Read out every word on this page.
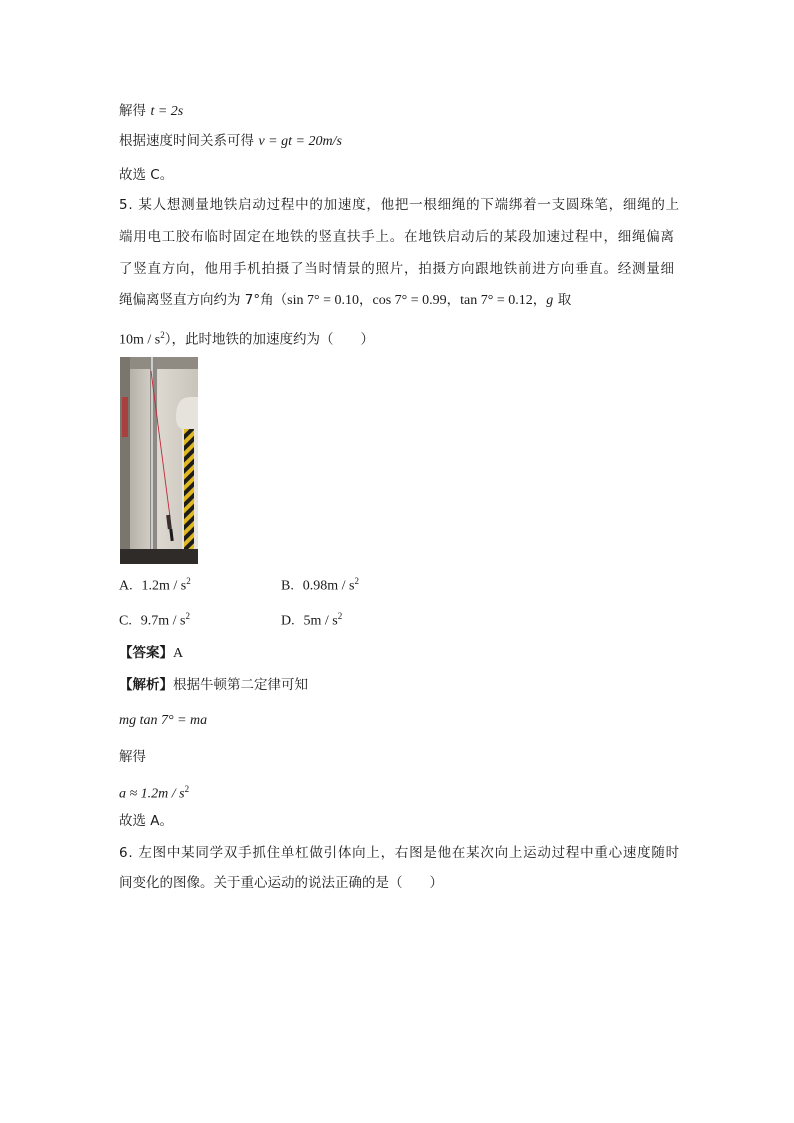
解得 t = 2s
根据速度时间关系可得 v = gt = 20m/s
故选 C。
5. 某人想测量地铁启动过程中的加速度，他把一根细绳的下端绑着一支圆珠笔，细绳的上
端用电工胶布临时固定在地铁的竖直扶手上。在地铁启动后的某段加速过程中，细绳偏离
了竖直方向，他用手机拍摄了当时情景的照片，拍摄方向跟地铁前进方向垂直。经测量细
绳偏离竖直方向约为 7°角（sin 7° = 0.10，cos 7° = 0.99，tan 7° = 0.12，g 取
$10m / s^2$），此时地铁的加速度约为（　　）
A. $1.2m / s^2$	B. $0.98m / s^2$
C. $9.7m / s^2$	D. $5m / s^2$
【答案】A
【解析】根据牛顿第二定律可知
mg tan 7° = ma
解得
$a \approx 1.2m / s^2$
故选 A。
6. 左图中某同学双手抓住单杠做引体向上，右图是他在某次向上运动过程中重心速度随时
间变化的图像。关于重心运动的说法正确的是（　　）
